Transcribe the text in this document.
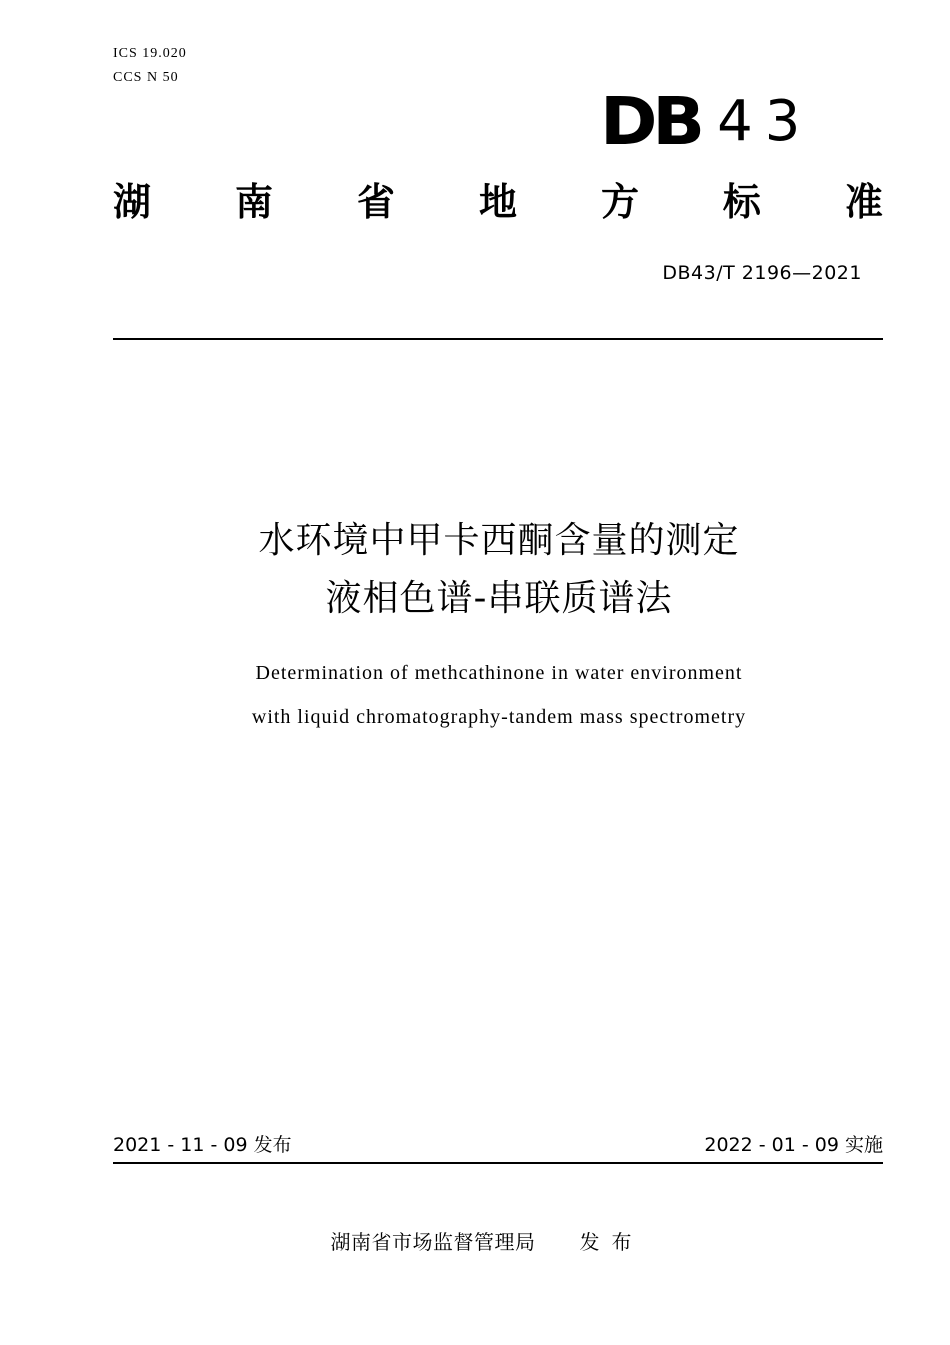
ICS 19.020
CCS N 50
DB 43
湖 南 省 地 方 标 准
DB43/T 2196—2021
水环境中甲卡西酮含量的测定
液相色谱-串联质谱法
Determination of methcathinone in water environment
with liquid chromatography-tandem mass spectrometry
2021 - 11 - 09 发布	2022 - 01 - 09 实施
湖南省市场监督管理局 发布
